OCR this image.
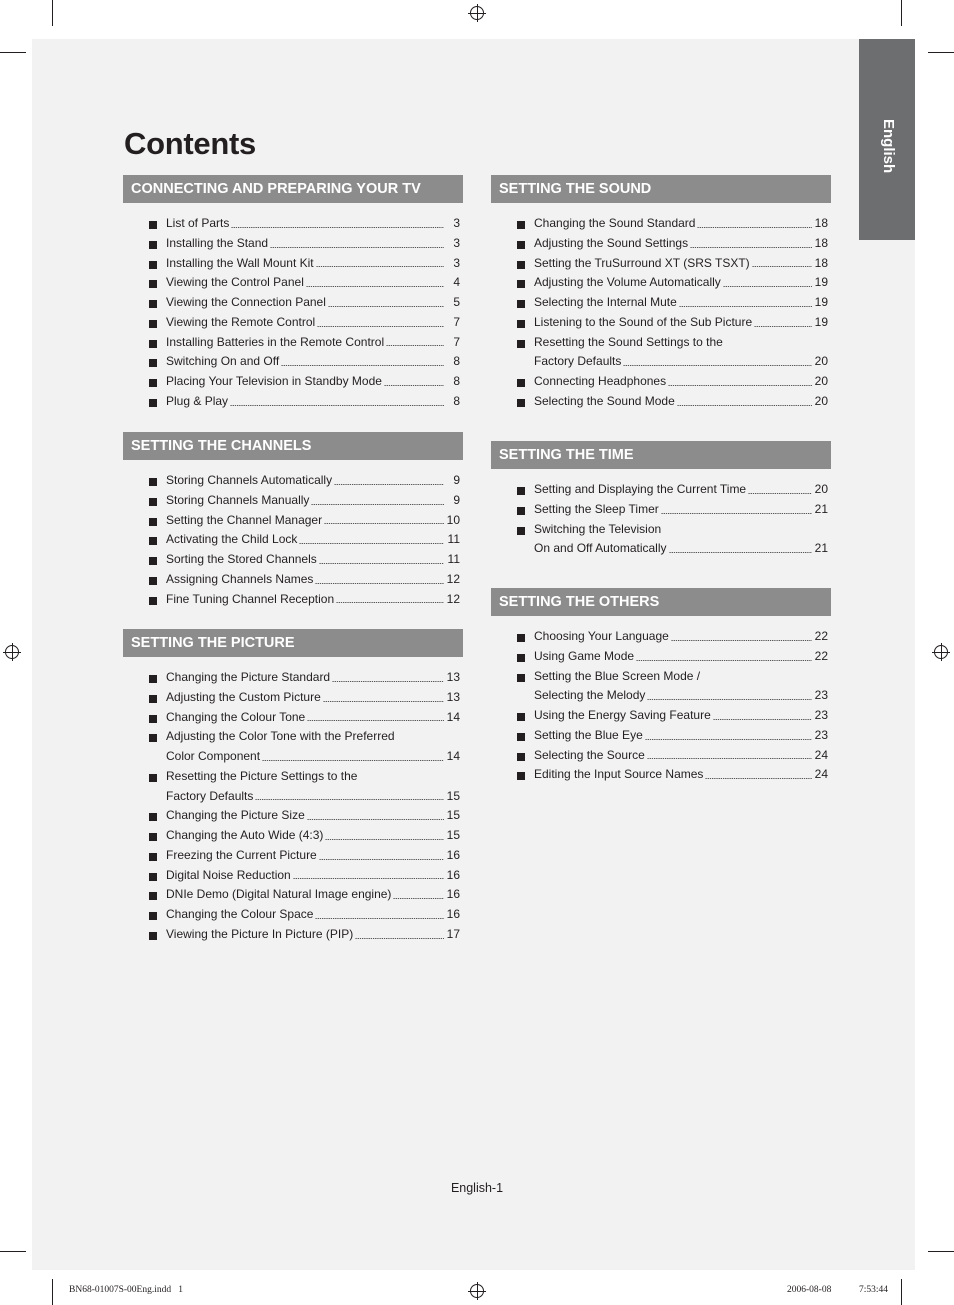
English
Contents
CONNECTING AND PREPARING YOUR TV
List of Parts	3
Installing the Stand	3
Installing the Wall Mount Kit	3
Viewing the Control Panel	4
Viewing the Connection Panel	5
Viewing the Remote Control	7
Installing Batteries in the Remote Control	7
Switching On and Off	8
Placing Your Television in Standby Mode	8
Plug & Play	8
SETTING THE CHANNELS
Storing Channels Automatically	9
Storing Channels Manually	9
Setting the Channel Manager	10
Activating the Child Lock	11
Sorting the Stored Channels	11
Assigning Channels Names	12
Fine Tuning Channel Reception	12
SETTING THE PICTURE
Changing the Picture Standard	13
Adjusting the Custom Picture	13
Changing the Colour Tone	14
Adjusting the Color Tone with the Preferred
Color Component	14
Resetting the Picture Settings to the
Factory Defaults	15
Changing the Picture Size	15
Changing the Auto Wide (4:3)	15
Freezing the Current Picture	16
Digital Noise Reduction	16
DNIe Demo (Digital Natural Image engine)	16
Changing the Colour Space	16
Viewing the Picture In Picture (PIP)	17
SETTING THE SOUND
Changing the Sound Standard	18
Adjusting the Sound Settings	18
Setting the TruSurround XT (SRS TSXT)	18
Adjusting the Volume Automatically	19
Selecting the Internal Mute	19
Listening to the Sound of the Sub Picture	19
Resetting the Sound Settings to the
Factory Defaults	20
Connecting Headphones	20
Selecting the Sound Mode	20
SETTING THE TIME
Setting and Displaying the Current Time	20
Setting the Sleep Timer	21
Switching the Television
On and Off Automatically	21
SETTING THE OTHERS
Choosing Your Language	22
Using Game Mode	22
Setting the Blue Screen Mode /
Selecting the Melody	23
Using the Energy Saving Feature	23
Setting the Blue Eye	23
Selecting the Source	24
Editing the Input Source Names	24
English-1
BN68-01007S-00Eng.indd   1	2006-08-08	7:53:44
